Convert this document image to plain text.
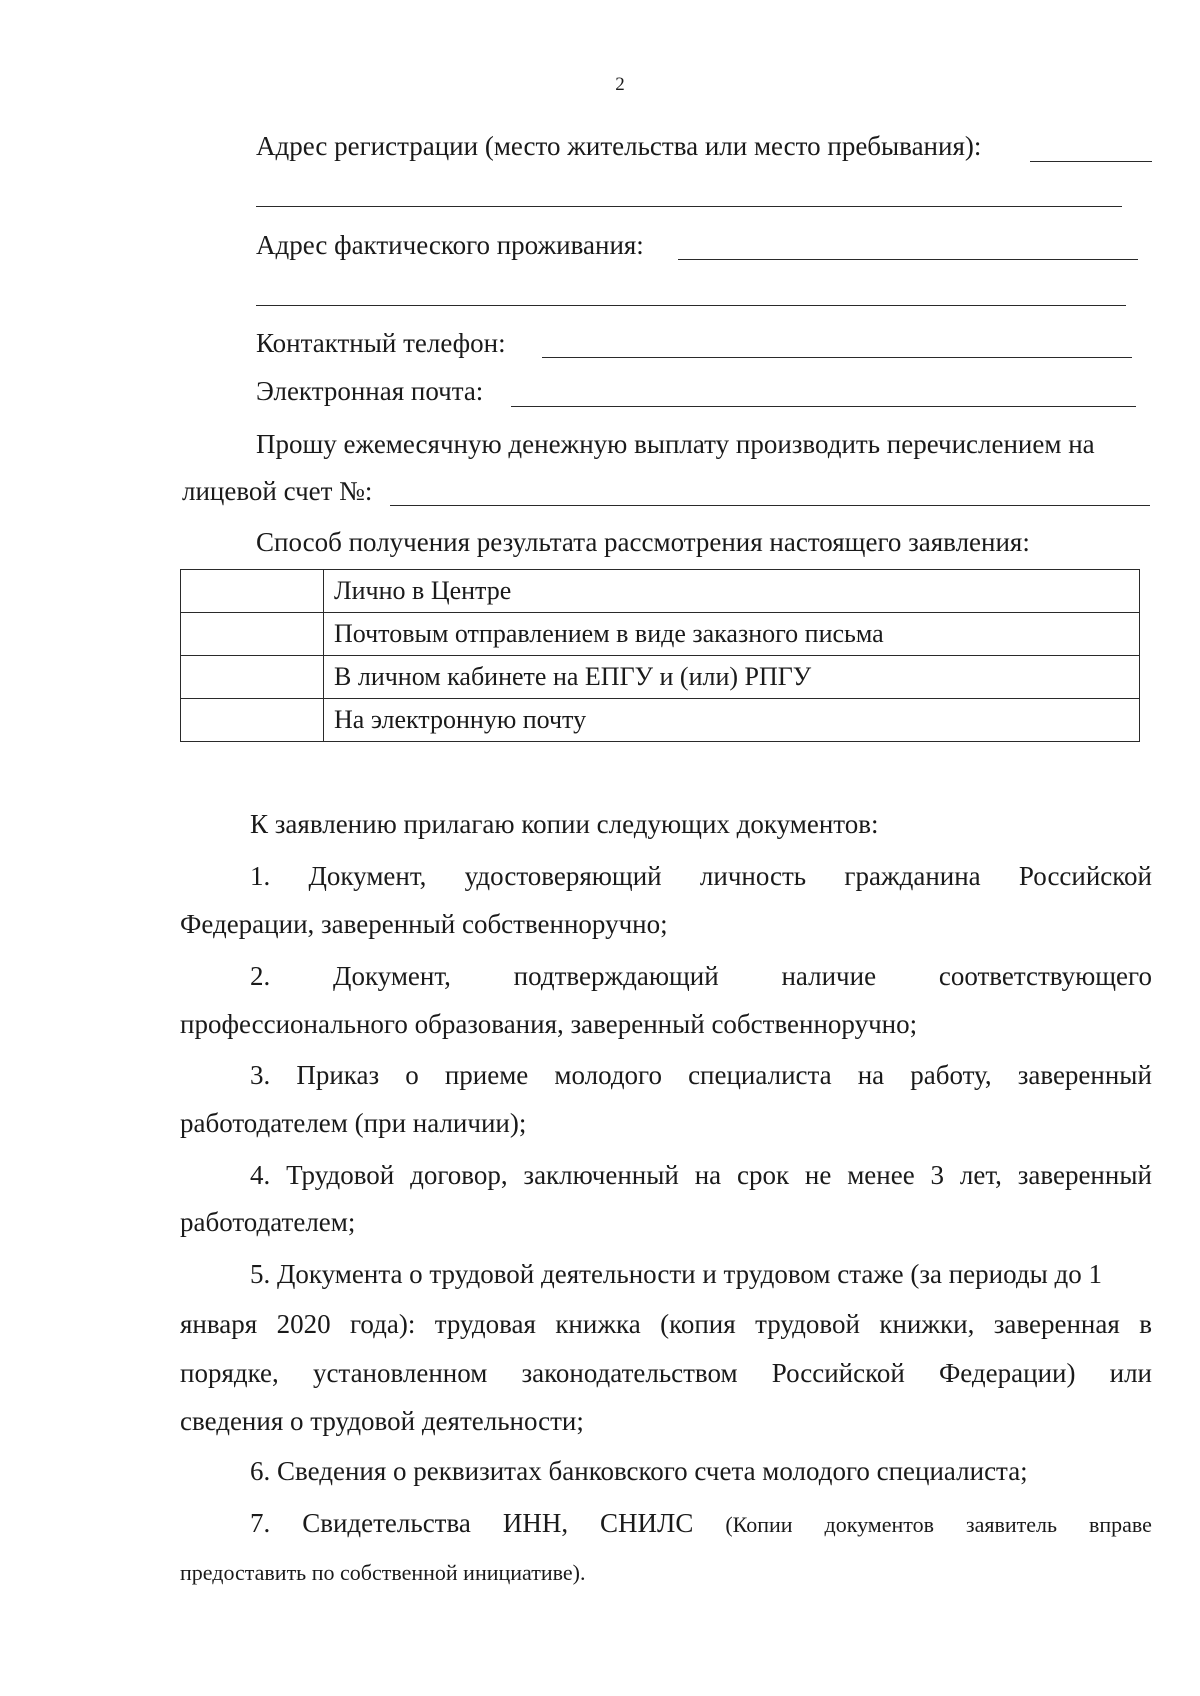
2
Адрес регистрации (место жительства или место пребывания):
Адрес фактического проживания:
Контактный телефон:
Электронная почта:
Прошу ежемесячную денежную выплату производить перечислением на
лицевой счет №:
Способ получения результата рассмотрения настоящего заявления:
	Лично в Центре
	Почтовым отправлением в виде заказного письма
	В личном кабинете на ЕПГУ и (или) РПГУ
	На электронную почту
К заявлению прилагаю копии следующих документов:
1. Документ, удостоверяющий личность гражданина Российской
Федерации, заверенный собственноручно;
2. Документ, подтверждающий наличие соответствующего
профессионального образования, заверенный собственноручно;
3. Приказ о приеме молодого специалиста на работу, заверенный
работодателем (при наличии);
4. Трудовой договор, заключенный на срок не менее 3 лет, заверенный
работодателем;
5. Документа о трудовой деятельности и трудовом стаже (за периоды до 1
января 2020 года): трудовая книжка (копия трудовой книжки, заверенная в
порядке, установленном законодательством Российской Федерации) или
сведения о трудовой деятельности;
6. Сведения о реквизитах банковского счета молодого специалиста;
7. Свидетельства ИНН, СНИЛС (Копии документов заявитель вправе
предоставить по собственной инициативе).
